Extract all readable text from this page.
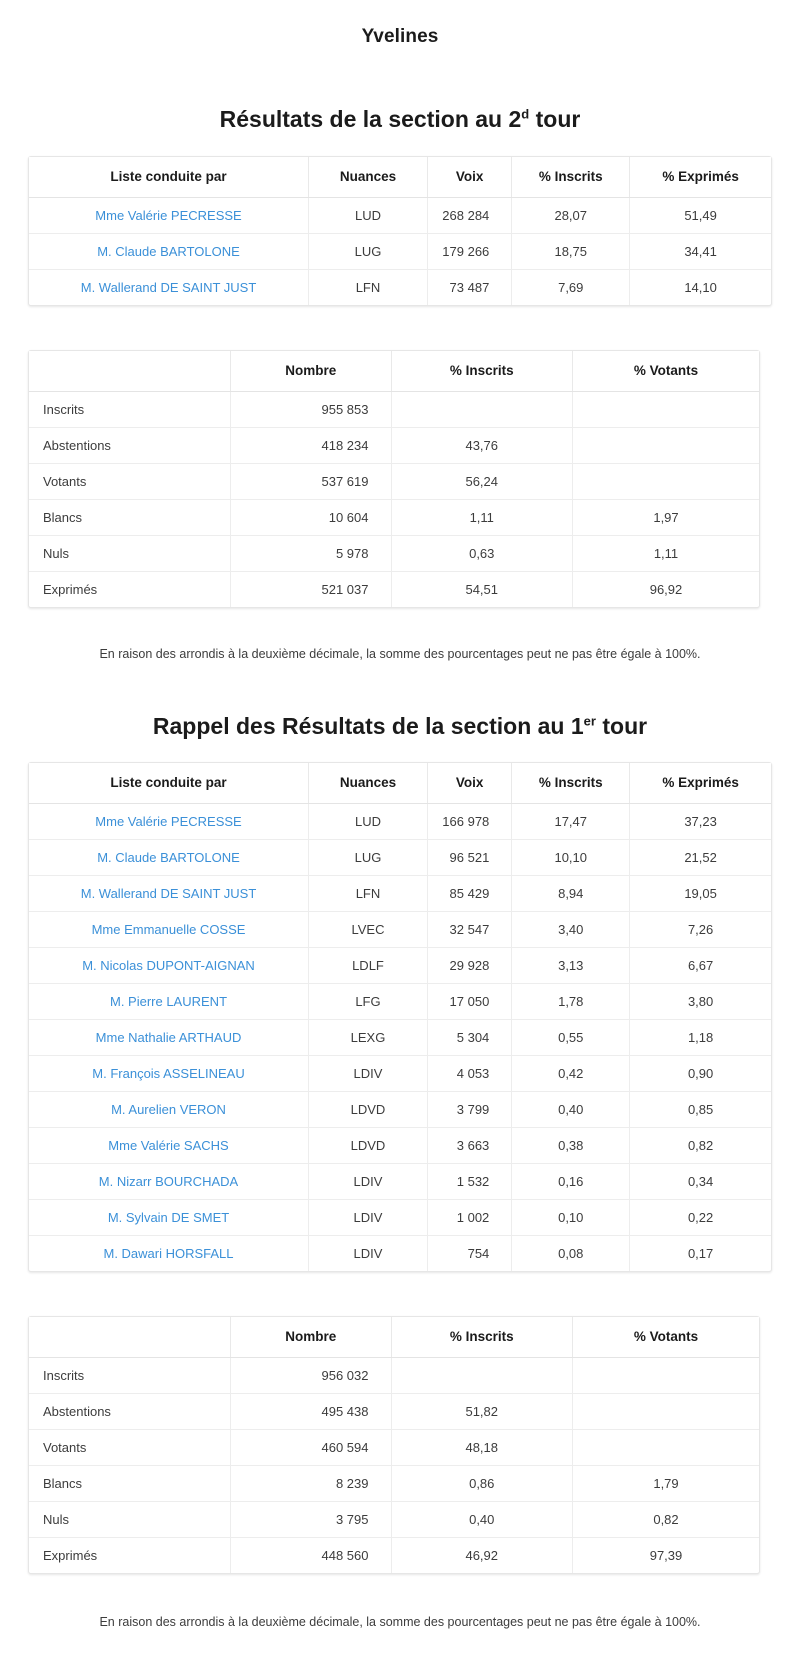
Yvelines
Résultats de la section au 2$^d$ tour
Liste conduite par	Nuances	Voix	% Inscrits	% Exprimés
Mme Valérie PECRESSE	LUD	268 284	28,07	51,49
M. Claude BARTOLONE	LUG	179 266	18,75	34,41
M. Wallerand DE SAINT JUST	LFN	73 487	7,69	14,10
	Nombre	% Inscrits	% Votants
Inscrits	955 853		
Abstentions	418 234	43,76	
Votants	537 619	56,24	
Blancs	10 604	1,11	1,97
Nuls	5 978	0,63	1,11
Exprimés	521 037	54,51	96,92

En raison des arrondis à la deuxième décimale, la somme des pourcentages peut ne pas être égale à 100%.

Rappel des Résultats de la section au 1er tour
Liste conduite par	Nuances	Voix	% Inscrits	% Exprimés
Mme Valérie PECRESSE	LUD	166 978	17,47	37,23
M. Claude BARTOLONE	LUG	96 521	10,10	21,52
M. Wallerand DE SAINT JUST	LFN	85 429	8,94	19,05
Mme Emmanuelle COSSE	LVEC	32 547	3,40	7,26
M. Nicolas DUPONT-AIGNAN	LDLF	29 928	3,13	6,67
M. Pierre LAURENT	LFG	17 050	1,78	3,80
Mme Nathalie ARTHAUD	LEXG	5 304	0,55	1,18
M. François ASSELINEAU	LDIV	4 053	0,42	0,90
M. Aurelien VERON	LDVD	3 799	0,40	0,85
Mme Valérie SACHS	LDVD	3 663	0,38	0,82
M. Nizarr BOURCHADA	LDIV	1 532	0,16	0,34
M. Sylvain DE SMET	LDIV	1 002	0,10	0,22
M. Dawari HORSFALL	LDIV	754	0,08	0,17
	Nombre	% Inscrits	% Votants
Inscrits	956 032		
Abstentions	495 438	51,82	
Votants	460 594	48,18	
Blancs	8 239	0,86	1,79
Nuls	3 795	0,40	0,82
Exprimés	448 560	46,92	97,39

En raison des arrondis à la deuxième décimale, la somme des pourcentages peut ne pas être égale à 100%.
